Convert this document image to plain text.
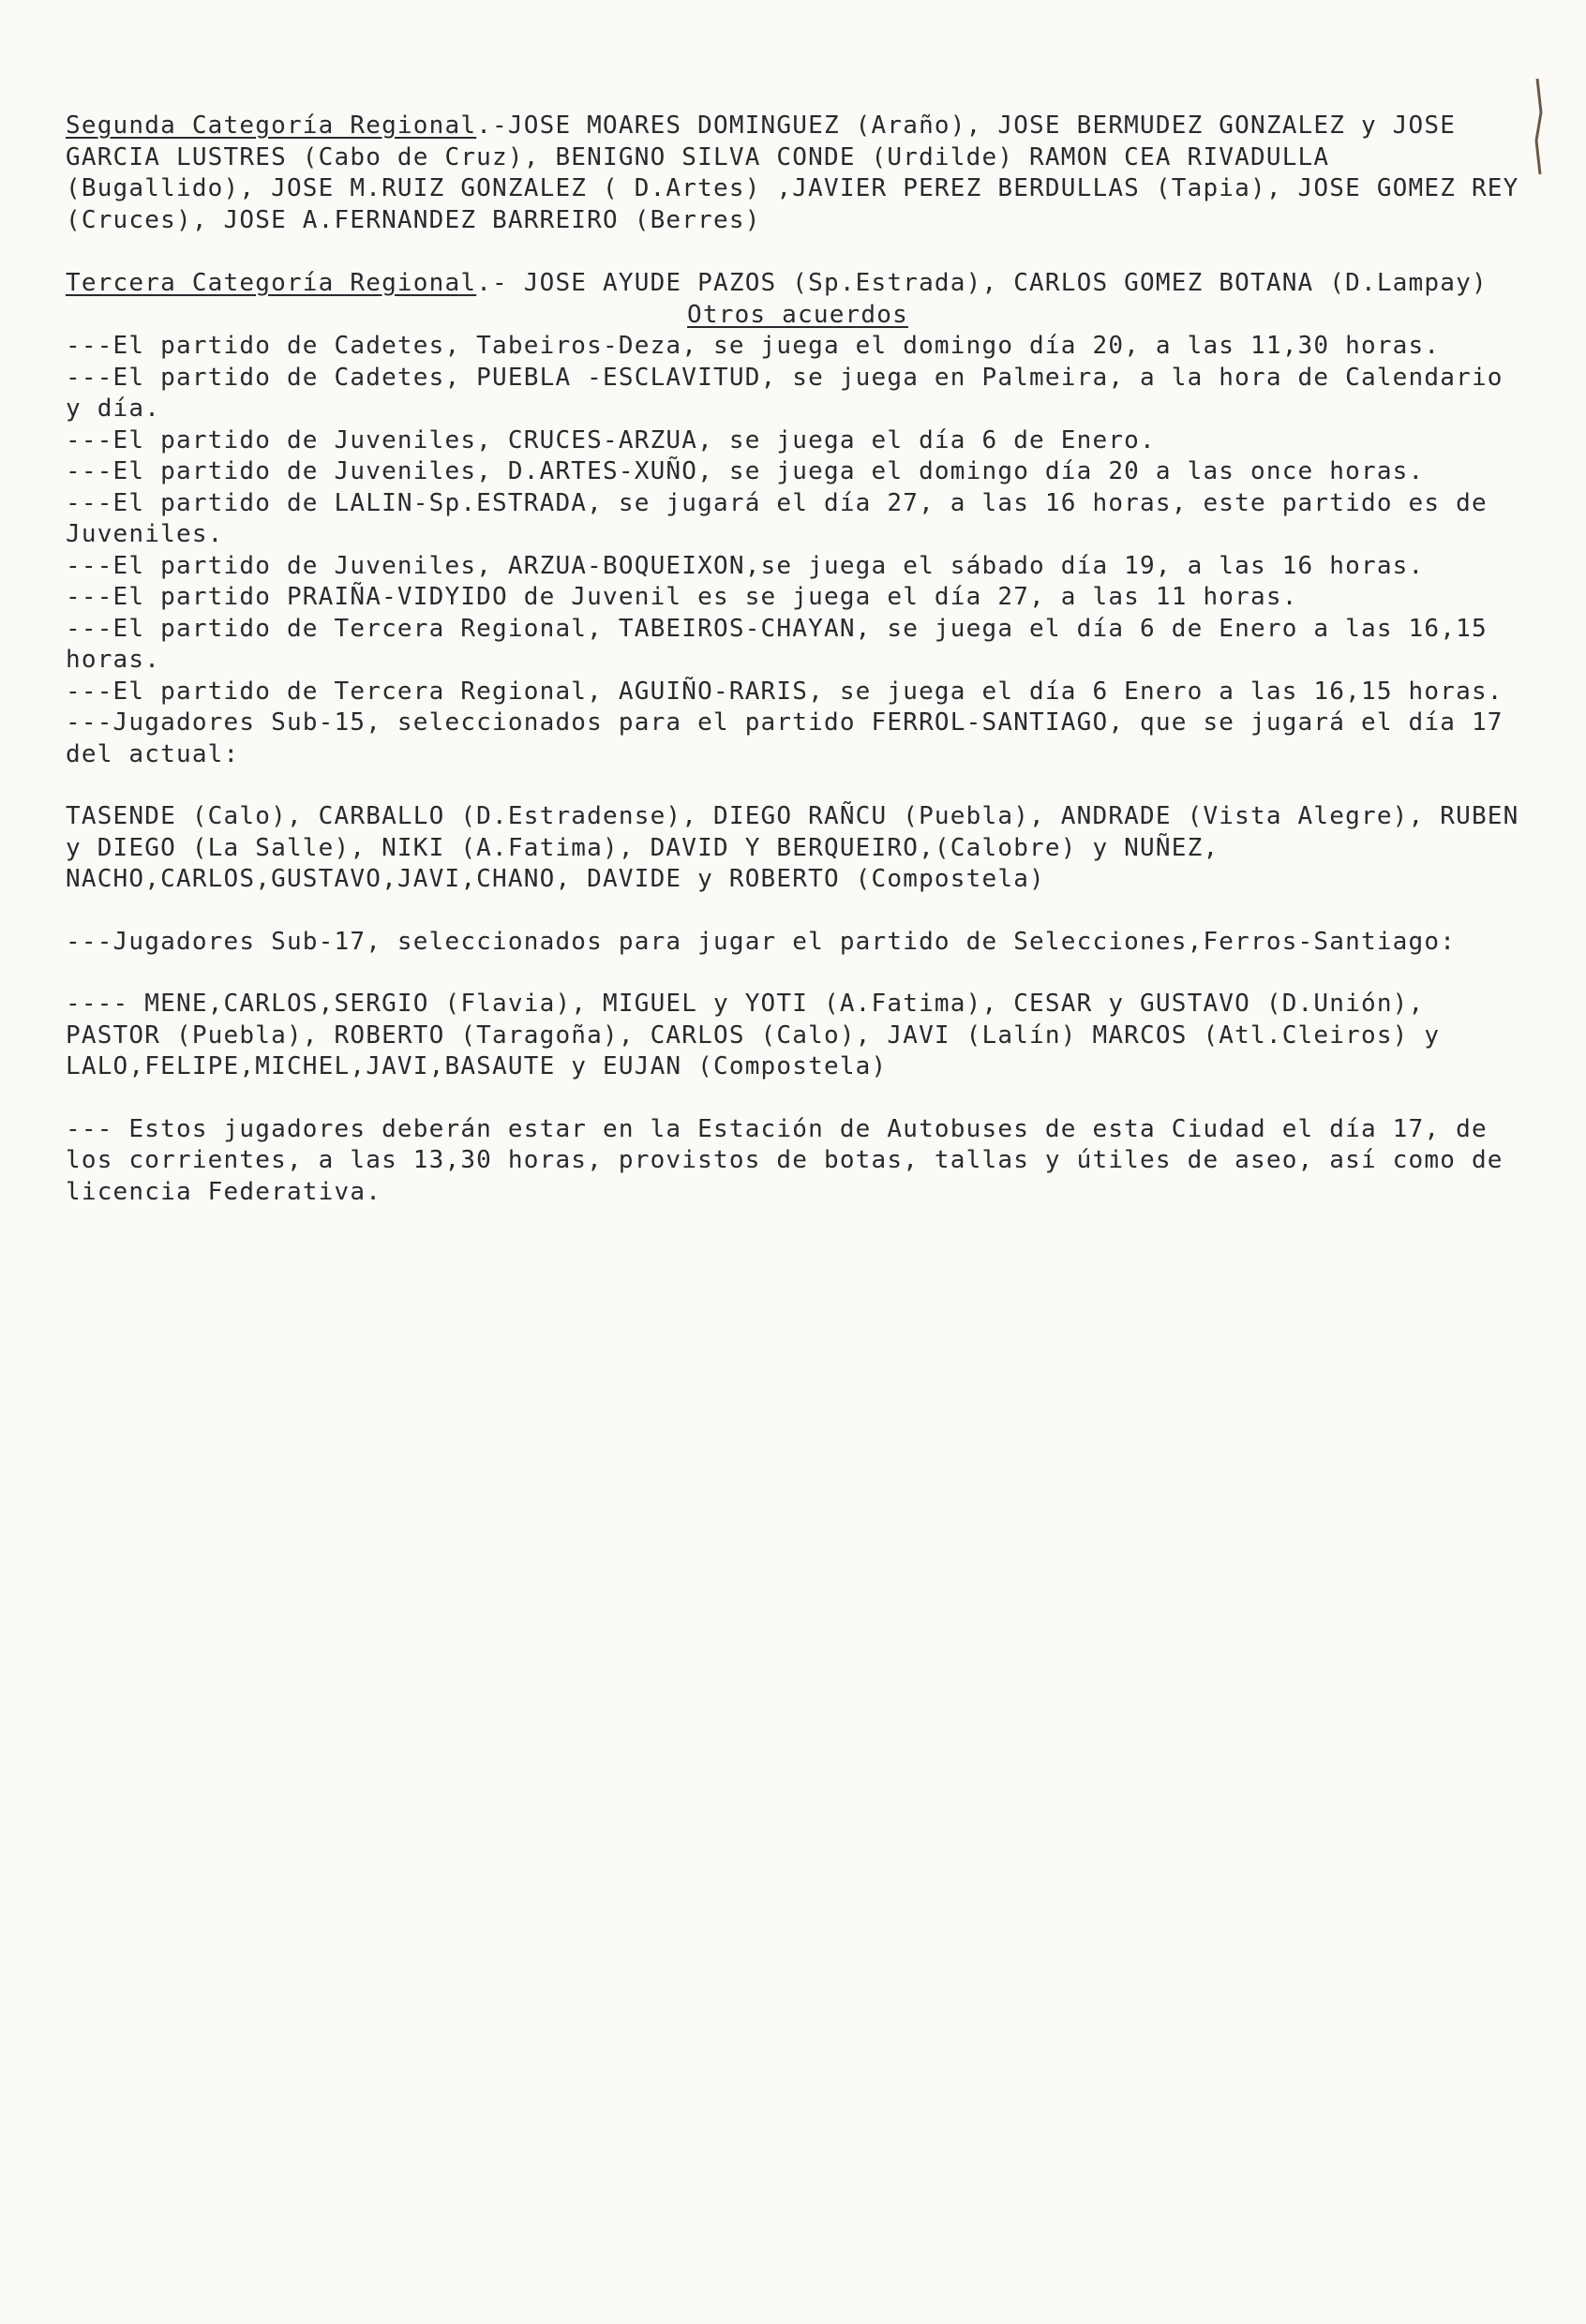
Segunda Categoría Regional.-JOSE MOARES DOMINGUEZ (Araño), JOSE BERMUDEZ GONZALEZ y JOSE GARCIA LUSTRES (Cabo de Cruz), BENIGNO SILVA CONDE (Urdilde) RAMON CEA RIVADULLA (Bugallido), JOSE M.RUIZ GONZALEZ ( D.Artes) ,JAVIER PEREZ BERDULLAS (Tapia), JOSE GOMEZ REY (Cruces), JOSE A.FERNANDEZ BARREIRO (Berres)

Tercera Categoría Regional.- JOSE AYUDE PAZOS (Sp.Estrada), CARLOS GOMEZ BOTANA (D.Lampay)

Otros acuerdos

---El partido de Cadetes, Tabeiros-Deza, se juega el domingo día 20, a las 11,30 horas.

---El partido de Cadetes, PUEBLA -ESCLAVITUD, se juega en Palmeira, a la hora de Calendario y día.

---El partido de Juveniles, CRUCES-ARZUA, se juega el día 6 de Enero.

---El partido de Juveniles, D.ARTES-XUÑO, se juega el domingo día 20 a las once horas.

---El partido de LALIN-Sp.ESTRADA, se jugará el día 27, a las 16 horas, este partido es de Juveniles.

---El partido de Juveniles, ARZUA-BOQUEIXON,se juega el sábado día 19, a las 16 horas.

---El partido PRAIÑA-VIDYIDO de Juvenil es se juega el día 27, a las 11 horas.

---El partido de Tercera Regional, TABEIROS-CHAYAN, se juega el día 6 de Enero a las 16,15 horas.

---El partido de Tercera Regional, AGUIÑO-RARIS, se juega el día 6 Enero a las 16,15 horas.

---Jugadores Sub-15, seleccionados para el partido FERROL-SANTIAGO, que se jugará el día 17 del actual:

TASENDE (Calo), CARBALLO (D.Estradense), DIEGO RAÑCU (Puebla), ANDRADE (Vista Alegre), RUBEN y DIEGO (La Salle), NIKI (A.Fatima), DAVID Y BERQUEIRO,(Calobre) y NUÑEZ, NACHO,CARLOS,GUSTAVO,JAVI,CHANO, DAVIDE y ROBERTO (Compostela)

---Jugadores Sub-17, seleccionados para jugar el partido de Selecciones,Ferros-Santiago:

---- MENE,CARLOS,SERGIO (Flavia), MIGUEL y YOTI (A.Fatima), CESAR y GUSTAVO (D.Unión), PASTOR (Puebla), ROBERTO (Taragoña), CARLOS (Calo), JAVI (Lalín) MARCOS (Atl.Cleiros) y LALO,FELIPE,MICHEL,JAVI,BASAUTE y EUJAN (Compostela)

--- Estos jugadores deberán estar en la Estación de Autobuses de esta Ciudad el día 17, de los corrientes, a las 13,30 horas, provistos de botas, tallas y útiles de aseo, así como de licencia Federativa.
